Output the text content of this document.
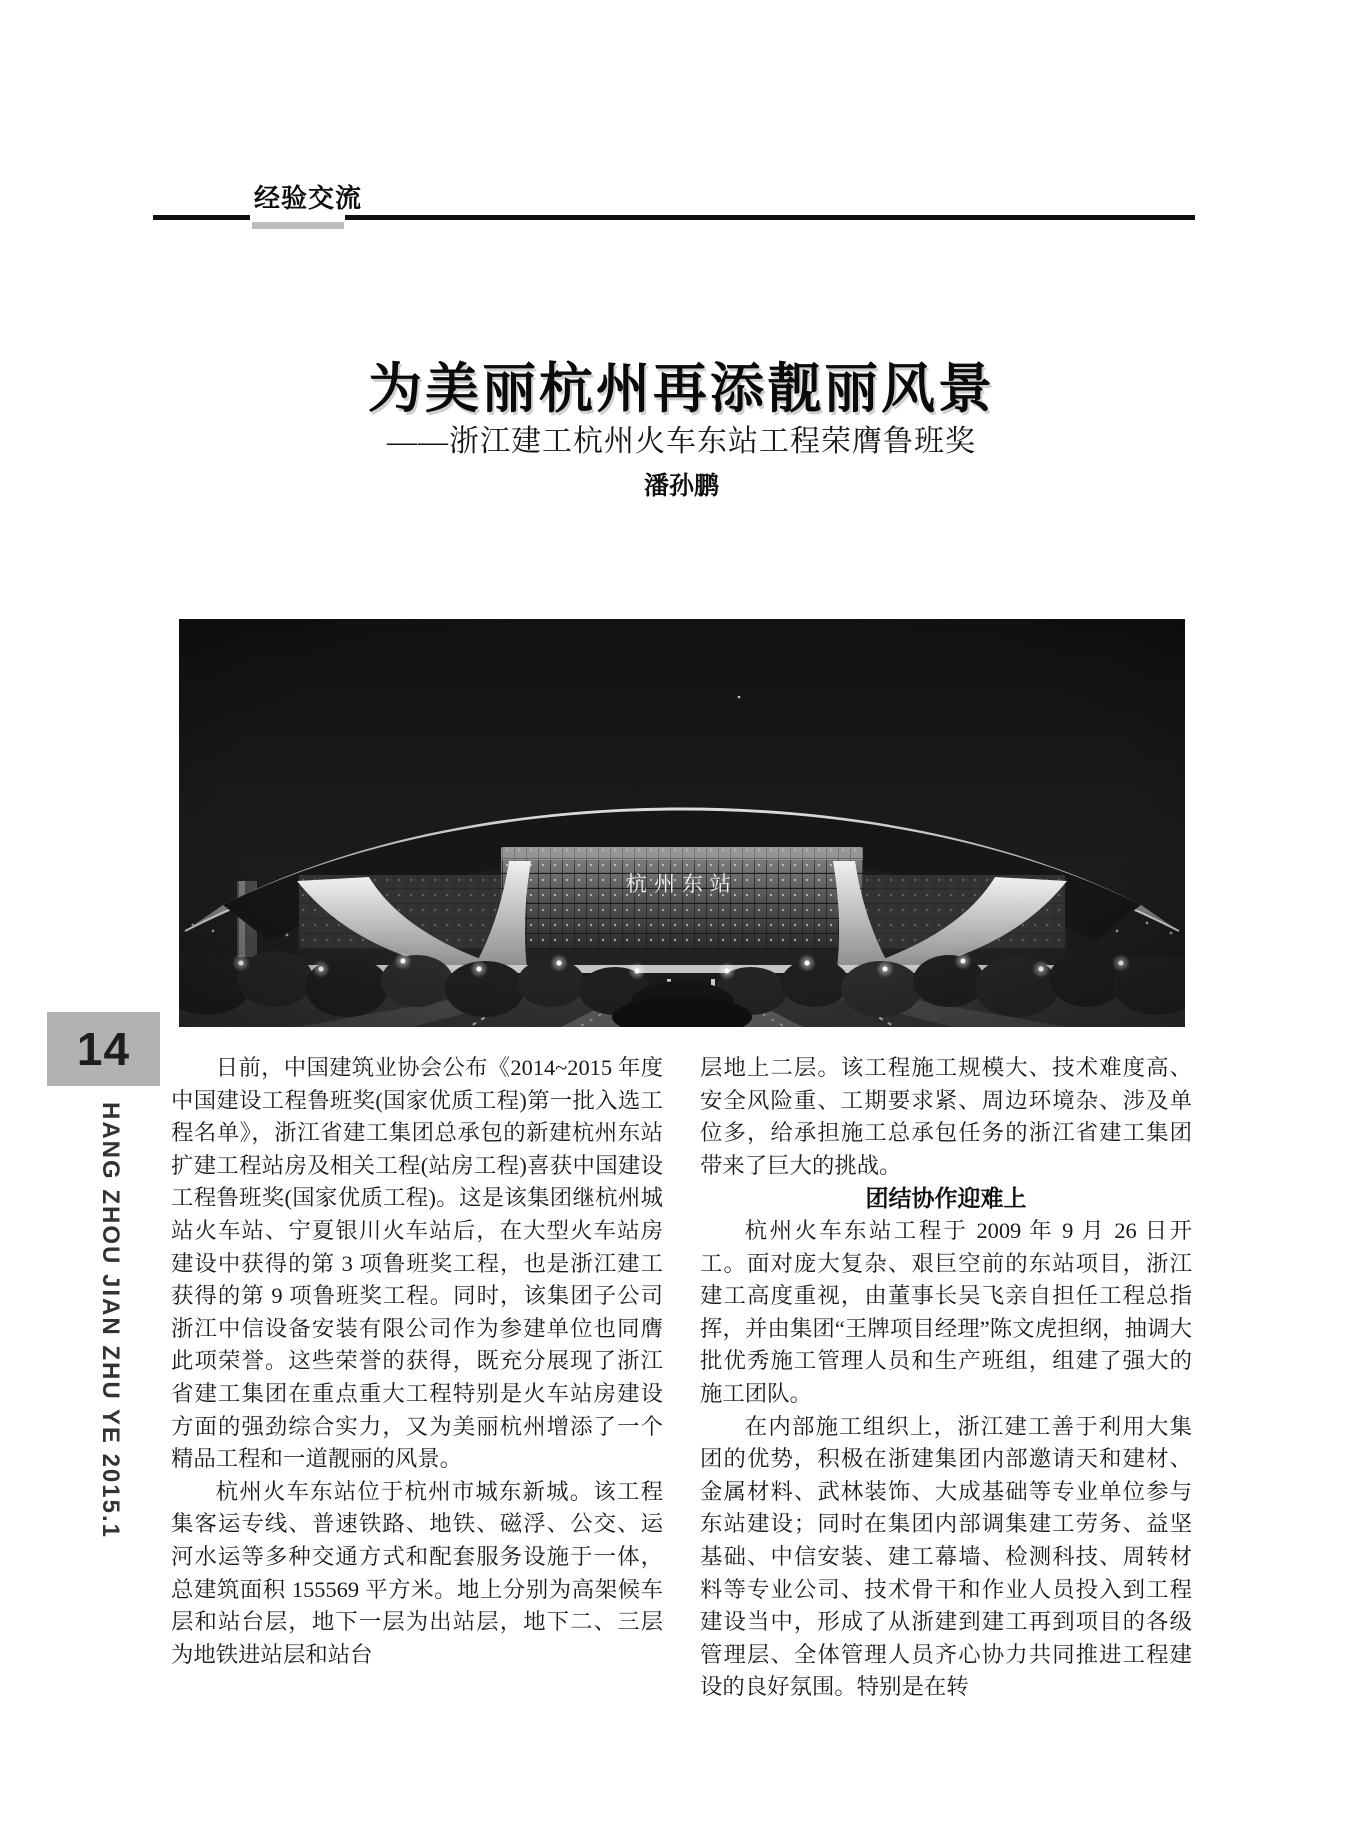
经验交流
为美丽杭州再添靓丽风景
——浙江建工杭州火车东站工程荣膺鲁班奖
潘孙鹏
14
HANG ZHOU JIAN ZHU YE 2015.1

日前，中国建筑业协会公布《2014~2015 年度中国建设工程鲁班奖(国家优质工程)第一批入选工程名单》，浙江省建工集团总承包的新建杭州东站扩建工程站房及相关工程(站房工程)喜获中国建设工程鲁班奖(国家优质工程)。这是该集团继杭州城站火车站、宁夏银川火车站后，在大型火车站房建设中获得的第 3 项鲁班奖工程，也是浙江建工获得的第 9 项鲁班奖工程。同时，该集团子公司浙江中信设备安装有限公司作为参建单位也同膺此项荣誉。这些荣誉的获得，既充分展现了浙江省建工集团在重点重大工程特别是火车站房建设方面的强劲综合实力，又为美丽杭州增添了一个精品工程和一道靓丽的风景。

杭州火车东站位于杭州市城东新城。该工程集客运专线、普速铁路、地铁、磁浮、公交、运河水运等多种交通方式和配套服务设施于一体，总建筑面积 155569 平方米。地上分别为高架候车层和站台层，地下一层为出站层，地下二、三层为地铁进站层和站台

层地上二层。该工程施工规模大、技术难度高、安全风险重、工期要求紧、周边环境杂、涉及单位多，给承担施工总承包任务的浙江省建工集团带来了巨大的挑战。

团结协作迎难上

杭州火车东站工程于 2009 年 9 月 26 日开工。面对庞大复杂、艰巨空前的东站项目，浙江建工高度重视，由董事长吴飞亲自担任工程总指挥，并由集团“王牌项目经理”陈文虎担纲，抽调大批优秀施工管理人员和生产班组，组建了强大的施工团队。

在内部施工组织上，浙江建工善于利用大集团的优势，积极在浙建集团内部邀请天和建材、金属材料、武林装饰、大成基础等专业单位参与东站建设；同时在集团内部调集建工劳务、益坚基础、中信安装、建工幕墙、检测科技、周转材料等专业公司、技术骨干和作业人员投入到工程建设当中，形成了从浙建到建工再到项目的各级管理层、全体管理人员齐心协力共同推进工程建设的良好氛围。特别是在转
